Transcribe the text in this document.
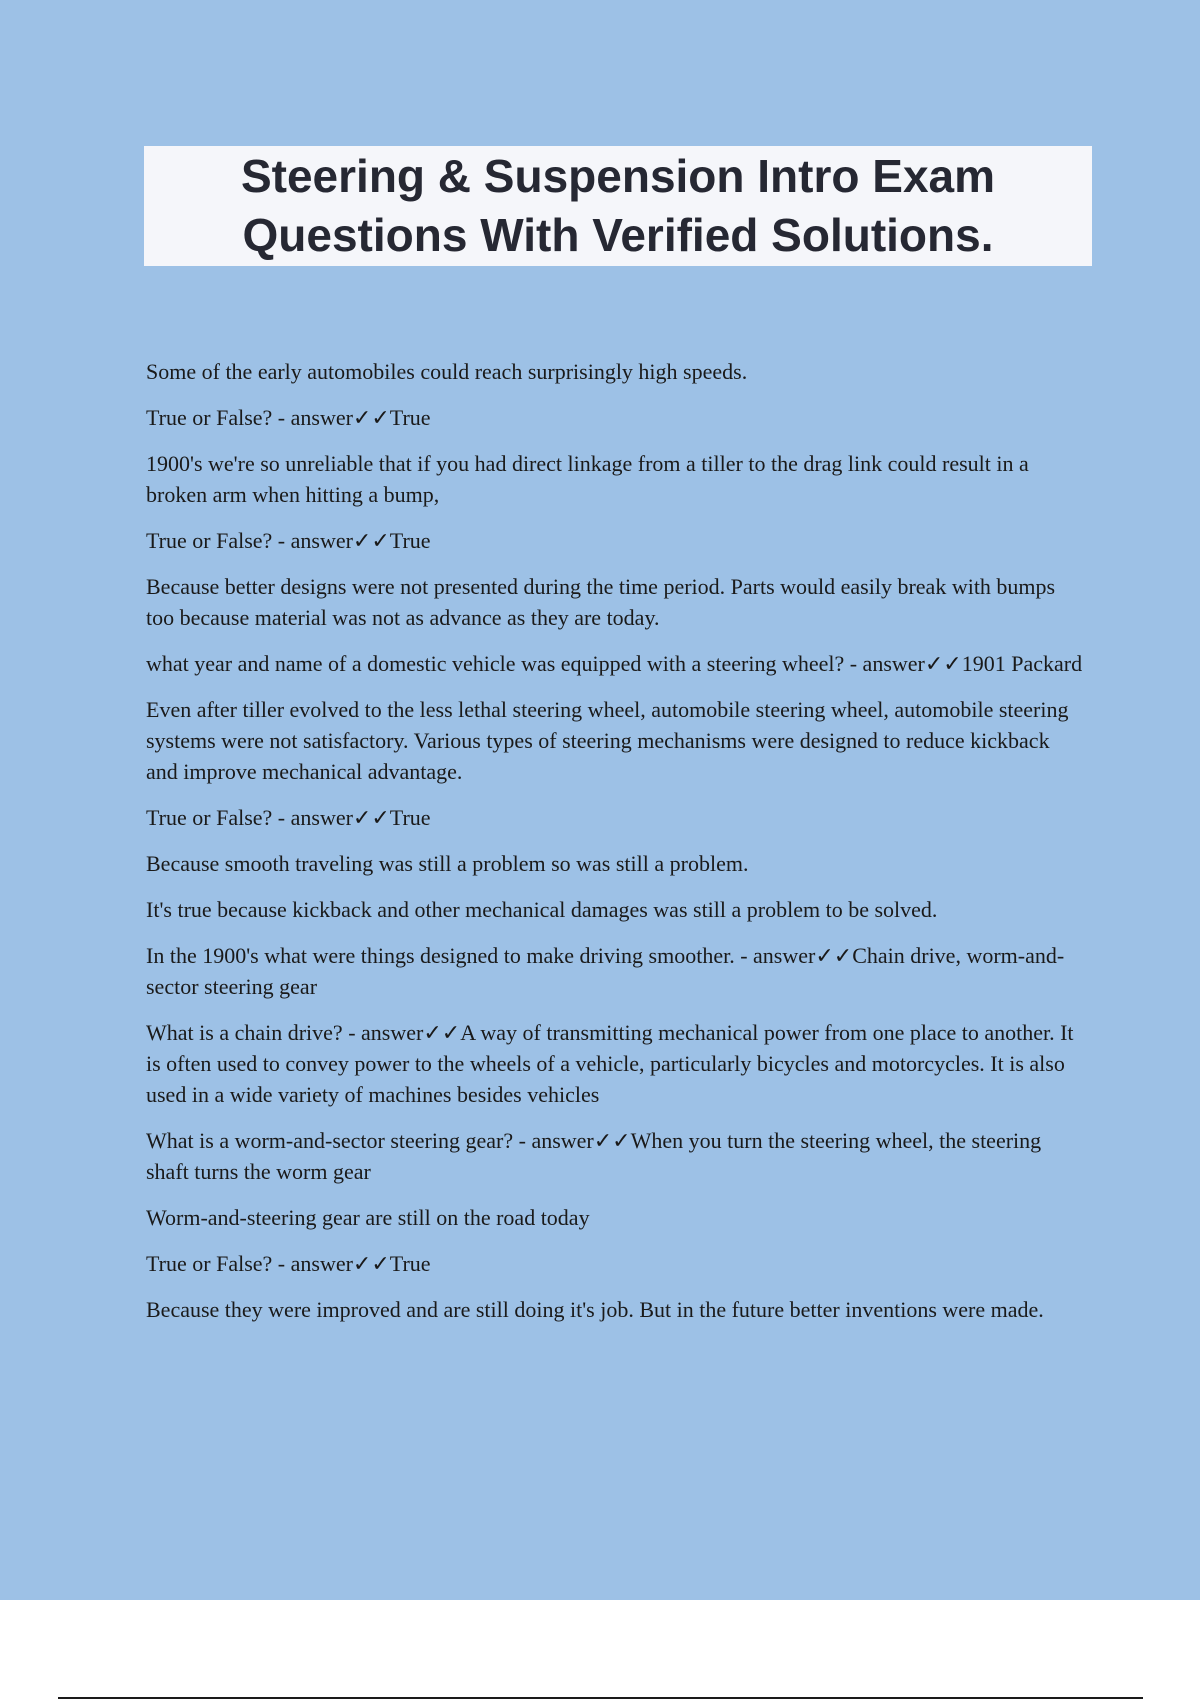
Steering & Suspension Intro Exam
Questions With Verified Solutions.

Some of the early automobiles could reach surprisingly high speeds.

True or False? - answer✓✓True

1900's we're so unreliable that if you had direct linkage from a tiller to the drag link could result in a broken arm when hitting a bump,

True or False? - answer✓✓True

Because better designs were not presented during the time period. Parts would easily break with bumps too because material was not as advance as they are today.

what year and name of a domestic vehicle was equipped with a steering wheel? - answer✓✓1901 Packard

Even after tiller evolved to the less lethal steering wheel, automobile steering wheel, automobile steering systems were not satisfactory. Various types of steering mechanisms were designed to reduce kickback and improve mechanical advantage.

True or False? - answer✓✓True

Because smooth traveling was still a problem so was still a problem.

It's true because kickback and other mechanical damages was still a problem to be solved.

In the 1900's what were things designed to make driving smoother. - answer✓✓Chain drive, worm-and-sector steering gear

What is a chain drive? - answer✓✓A way of transmitting mechanical power from one place to another. It is often used to convey power to the wheels of a vehicle, particularly bicycles and motorcycles. It is also used in a wide variety of machines besides vehicles

What is a worm-and-sector steering gear? - answer✓✓When you turn the steering wheel, the steering shaft turns the worm gear

Worm-and-steering gear are still on the road today

True or False? - answer✓✓True

Because they were improved and are still doing it's job. But in the future better inventions were made.
